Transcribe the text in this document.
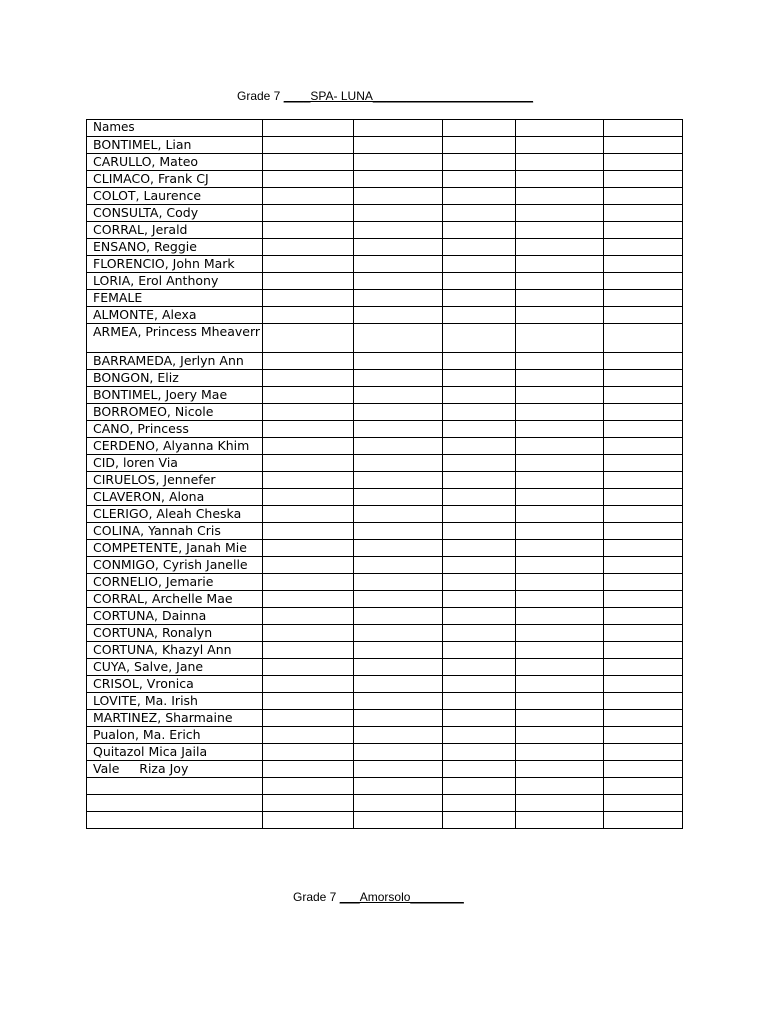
Grade 7 ____SPA- LUNA________________________
Names					
BONTIMEL, Lian					
CARULLO, Mateo					
CLIMACO, Frank CJ					
COLOT, Laurence					
CONSULTA, Cody					
CORRAL, Jerald					
ENSANO, Reggie					
FLORENCIO, John Mark					
LORIA, Erol Anthony					
FEMALE					
ALMONTE, Alexa					
ARMEA, Princess Mheaverr					
BARRAMEDA, Jerlyn Ann					
BONGON, Eliz					
BONTIMEL, Joery Mae					
BORROMEO, Nicole					
CANO, Princess					
CERDENO, Alyanna Khim					
CID, loren Via					
CIRUELOS, Jennefer					
CLAVERON, Alona					
CLERIGO, Aleah Cheska					
COLINA, Yannah Cris					
COMPETENTE, Janah Mie					
CONMIGO, Cyrish Janelle					
CORNELIO, Jemarie					
CORRAL, Archelle Mae					
CORTUNA, Dainna					
CORTUNA, Ronalyn					
CORTUNA, Khazyl Ann					
CUYA, Salve, Jane					
CRISOL, Vronica					
LOVITE, Ma. Irish					
MARTINEZ, Sharmaine					
Pualon, Ma. Erich					
Quitazol Mica Jaila					
Vale     Riza Joy					

Grade 7 ___Amorsolo________
